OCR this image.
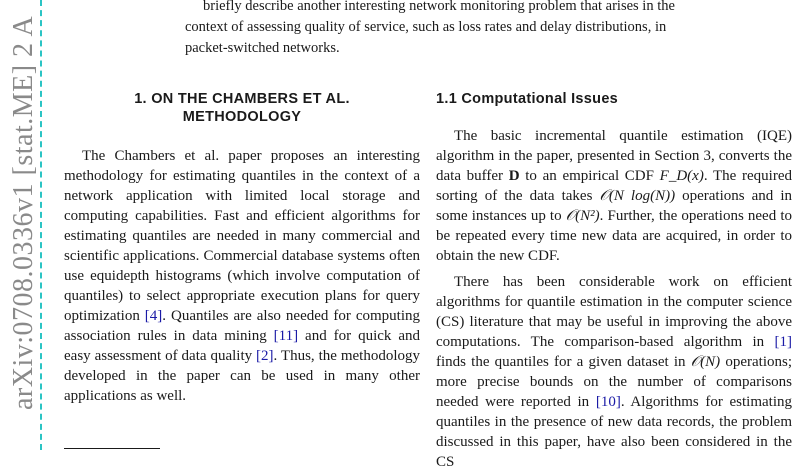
arXiv:0708.0336v1 [stat.ME] 2 A

briefly describe another interesting network monitoring problem that arises in the context of assessing quality of service, such as loss rates and delay distributions, in packet-switched networks.

1. ON THE CHAMBERS ET AL. METHODOLOGY

The Chambers et al. paper proposes an interesting methodology for estimating quantiles in the context of a network application with limited local storage and computing capabilities. Fast and efficient algorithms for estimating quantiles are needed in many commercial and scientific applications. Commercial database systems often use equidepth histograms (which involve computation of quantiles) to select appropriate execution plans for query optimization [4]. Quantiles are also needed for computing association rules in data mining [11] and for quick and easy assessment of data quality [2]. Thus, the methodology developed in the paper can be used in many other applications as well.

1.1 Computational Issues

The basic incremental quantile estimation (IQE) algorithm in the paper, presented in Section 3, converts the data buffer D to an empirical CDF F_D(x). The required sorting of the data takes 𝒪(N log(N)) operations and in some instances up to 𝒪(N²). Further, the operations need to be repeated every time new data are acquired, in order to obtain the new CDF.

There has been considerable work on efficient algorithms for quantile estimation in the computer science (CS) literature that may be useful in improving the above computations. The comparison-based algorithm in [1] finds the quantiles for a given dataset in 𝒪(N) operations; more precise bounds on the number of comparisons needed were reported in [10]. Algorithms for estimating quantiles in the presence of new data records, the problem discussed in this paper, have also been considered in the CS
